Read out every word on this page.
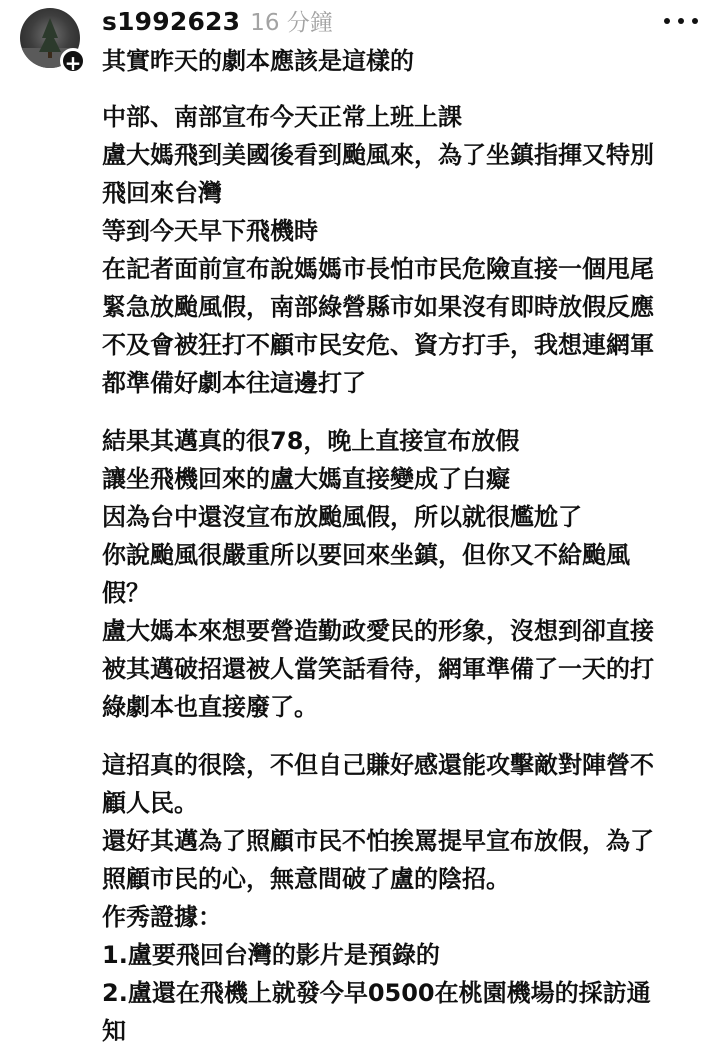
+
s1992623 16 分鐘
其實昨天的劇本應該是這樣的
中部、南部宣布今天正常上班上課
盧大媽飛到美國後看到颱風來，為了坐鎮指揮又特別
飛回來台灣
等到今天早下飛機時
在記者面前宣布說媽媽市長怕市民危險直接一個甩尾
緊急放颱風假，南部綠營縣市如果沒有即時放假反應
不及會被狂打不顧市民安危、資方打手，我想連網軍
都準備好劇本往這邊打了
結果其邁真的很78，晚上直接宣布放假
讓坐飛機回來的盧大媽直接變成了白癡
因為台中還沒宣布放颱風假，所以就很尷尬了
你說颱風很嚴重所以要回來坐鎮，但你又不給颱風
假？
盧大媽本來想要營造勤政愛民的形象，沒想到卻直接
被其邁破招還被人當笑話看待，網軍準備了一天的打
綠劇本也直接廢了。
這招真的很陰，不但自己賺好感還能攻擊敵對陣營不
顧人民。
還好其邁為了照顧市民不怕挨罵提早宣布放假，為了
照顧市民的心，無意間破了盧的陰招。
作秀證據：
1.盧要飛回台灣的影片是預錄的
2.盧還在飛機上就發今早0500在桃園機場的採訪通
知
